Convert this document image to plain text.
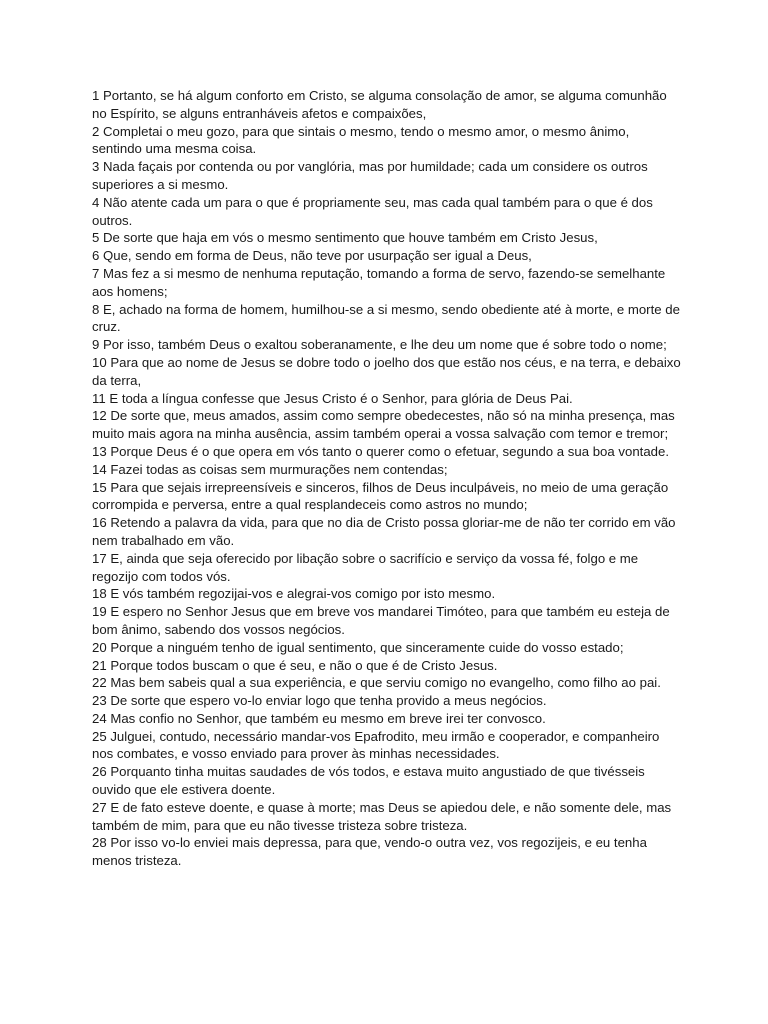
1 Portanto, se há algum conforto em Cristo, se alguma consolação de amor, se alguma comunhão no Espírito, se alguns entranháveis afetos e compaixões,

2 Completai o meu gozo, para que sintais o mesmo, tendo o mesmo amor, o mesmo ânimo, sentindo uma mesma coisa.

3 Nada façais por contenda ou por vanglória, mas por humildade; cada um considere os outros superiores a si mesmo.

4 Não atente cada um para o que é propriamente seu, mas cada qual também para o que é dos outros.

5 De sorte que haja em vós o mesmo sentimento que houve também em Cristo Jesus,

6 Que, sendo em forma de Deus, não teve por usurpação ser igual a Deus,

7 Mas fez a si mesmo de nenhuma reputação, tomando a forma de servo, fazendo-se semelhante aos homens;

8 E, achado na forma de homem, humilhou-se a si mesmo, sendo obediente até à morte, e morte de cruz.

9 Por isso, também Deus o exaltou soberanamente, e lhe deu um nome que é sobre todo o nome;

10 Para que ao nome de Jesus se dobre todo o joelho dos que estão nos céus, e na terra, e debaixo da terra,

11 E toda a língua confesse que Jesus Cristo é o Senhor, para glória de Deus Pai.

12 De sorte que, meus amados, assim como sempre obedecestes, não só na minha presença, mas muito mais agora na minha ausência, assim também operai a vossa salvação com temor e tremor;

13 Porque Deus é o que opera em vós tanto o querer como o efetuar, segundo a sua boa vontade.

14 Fazei todas as coisas sem murmurações nem contendas;

15 Para que sejais irrepreensíveis e sinceros, filhos de Deus inculpáveis, no meio de uma geração corrompida e perversa, entre a qual resplandeceis como astros no mundo;

16 Retendo a palavra da vida, para que no dia de Cristo possa gloriar-me de não ter corrido em vão nem trabalhado em vão.

17 E, ainda que seja oferecido por libação sobre o sacrifício e serviço da vossa fé, folgo e me regozijo com todos vós.

18 E vós também regozijai-vos e alegrai-vos comigo por isto mesmo.

19 E espero no Senhor Jesus que em breve vos mandarei Timóteo, para que também eu esteja de bom ânimo, sabendo dos vossos negócios.

20 Porque a ninguém tenho de igual sentimento, que sinceramente cuide do vosso estado;

21 Porque todos buscam o que é seu, e não o que é de Cristo Jesus.

22 Mas bem sabeis qual a sua experiência, e que serviu comigo no evangelho, como filho ao pai.

23 De sorte que espero vo-lo enviar logo que tenha provido a meus negócios.

24 Mas confio no Senhor, que também eu mesmo em breve irei ter convosco.

25 Julguei, contudo, necessário mandar-vos Epafrodito, meu irmão e cooperador, e companheiro nos combates, e vosso enviado para prover às minhas necessidades.

26 Porquanto tinha muitas saudades de vós todos, e estava muito angustiado de que tivésseis ouvido que ele estivera doente.

27 E de fato esteve doente, e quase à morte; mas Deus se apiedou dele, e não somente dele, mas também de mim, para que eu não tivesse tristeza sobre tristeza.

28 Por isso vo-lo enviei mais depressa, para que, vendo-o outra vez, vos regozijeis, e eu tenha menos tristeza.
